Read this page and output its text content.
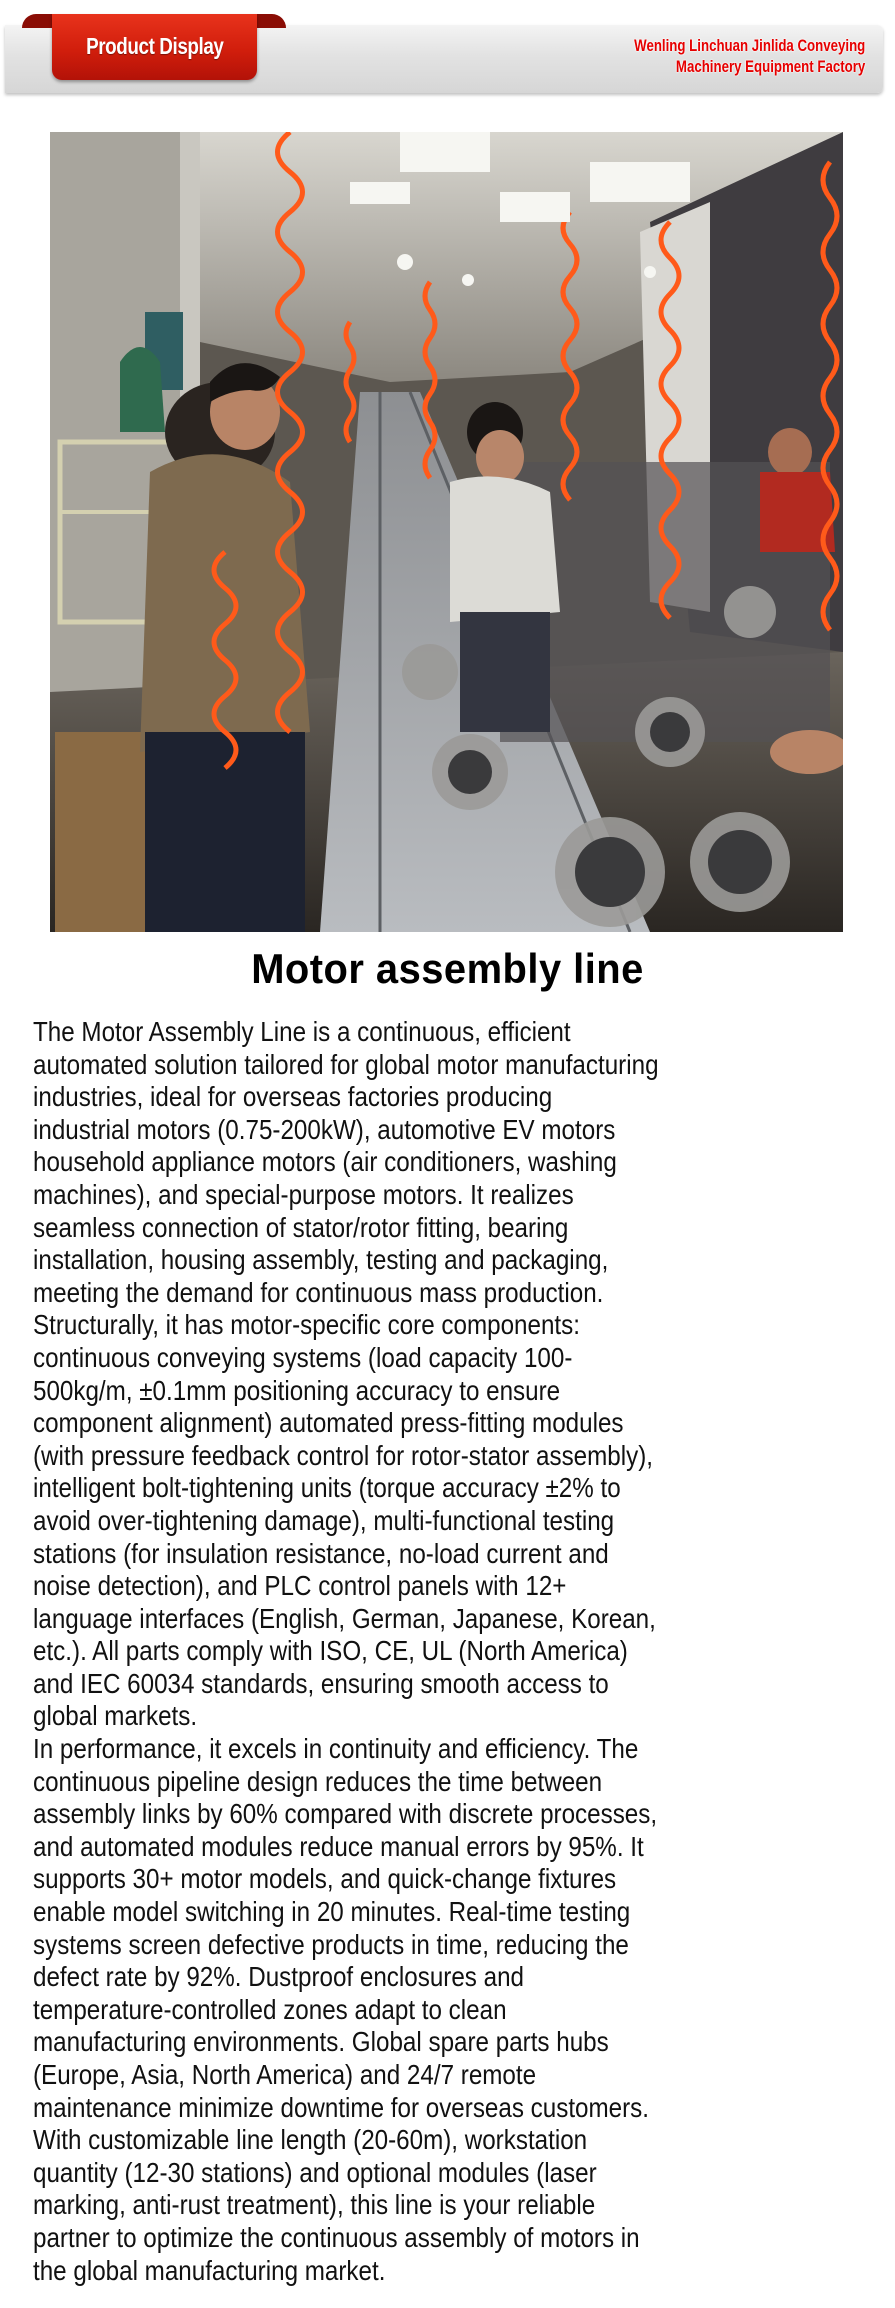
Product Display	Wenling Linchuan Jinlida Conveying
Machinery Equipment Factory
Motor assembly line

The Motor Assembly Line is a continuous, efficient
automated solution tailored for global motor manufacturing
industries, ideal for overseas factories producing
industrial motors (0.75-200kW), automotive EV motors
household appliance motors (air conditioners, washing
machines), and special-purpose motors. It realizes
seamless connection of stator/rotor fitting, bearing
installation, housing assembly, testing and packaging,
meeting the demand for continuous mass production.
Structurally, it has motor-specific core components:
continuous conveying systems (load capacity 100-
500kg/m, ±0.1mm positioning accuracy to ensure
component alignment) automated press-fitting modules
(with pressure feedback control for rotor-stator assembly),
intelligent bolt-tightening units (torque accuracy ±2% to
avoid over-tightening damage), multi-functional testing
stations (for insulation resistance, no-load current and
noise detection), and PLC control panels with 12+
language interfaces (English, German, Japanese, Korean,
etc.). All parts comply with ISO, CE, UL (North America)
and IEC 60034 standards, ensuring smooth access to
global markets.
In performance, it excels in continuity and efficiency. The
continuous pipeline design reduces the time between
assembly links by 60% compared with discrete processes,
and automated modules reduce manual errors by 95%. It
supports 30+ motor models, and quick-change fixtures
enable model switching in 20 minutes. Real-time testing
systems screen defective products in time, reducing the
defect rate by 92%. Dustproof enclosures and
temperature-controlled zones adapt to clean
manufacturing environments. Global spare parts hubs
(Europe, Asia, North America) and 24/7 remote
maintenance minimize downtime for overseas customers.
With customizable line length (20-60m), workstation
quantity (12-30 stations) and optional modules (laser
marking, anti-rust treatment), this line is your reliable
partner to optimize the continuous assembly of motors in
the global manufacturing market.
